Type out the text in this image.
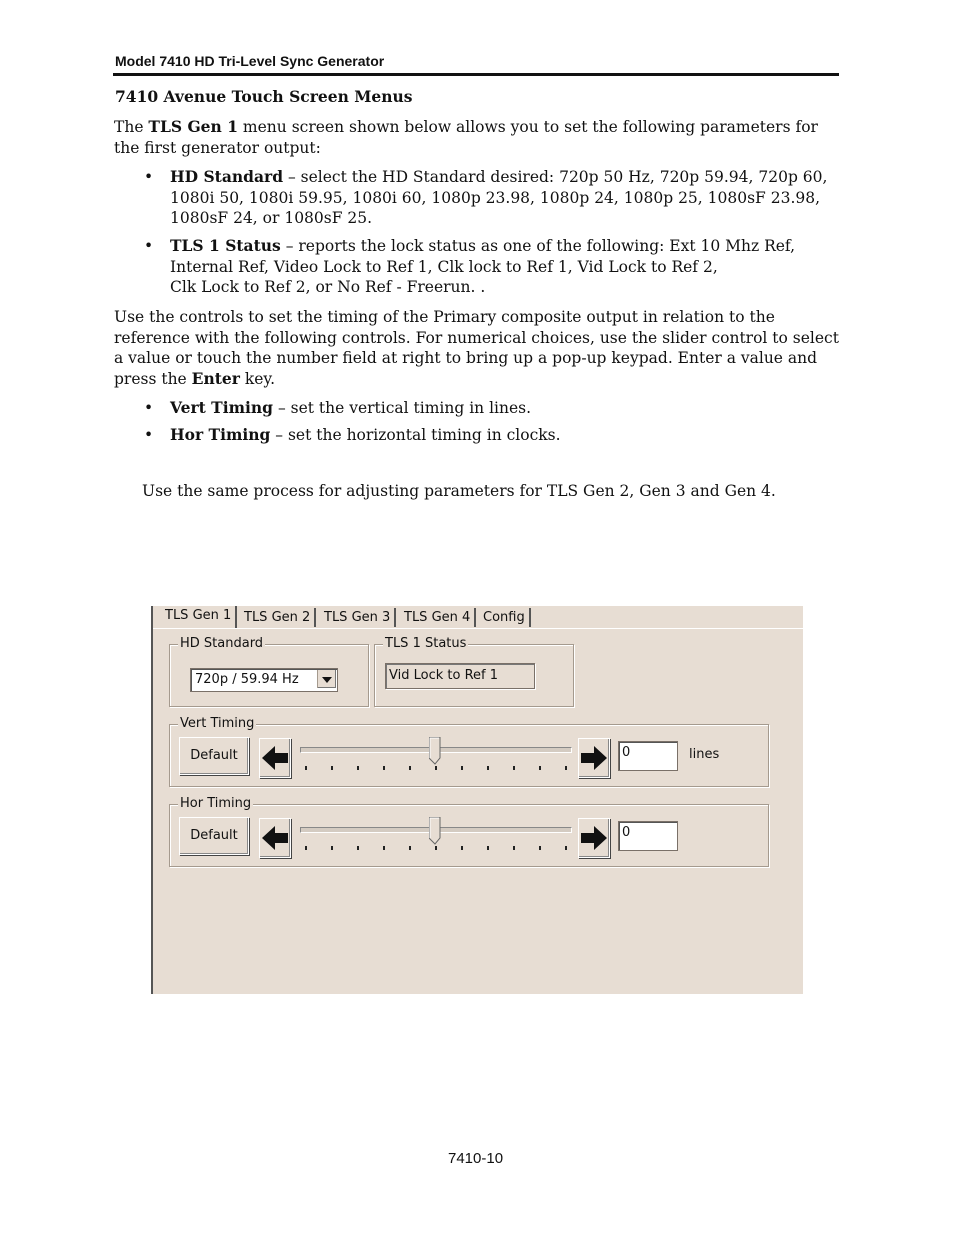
Model 7410 HD Tri-Level Sync Generator
7410 Avenue Touch Screen Menus
The TLS Gen 1 menu screen shown below allows you to set the following parameters for the first generator output:
• HD Standard – select the HD Standard desired: 720p 50 Hz, 720p 59.94, 720p 60, 1080i 50, 1080i 59.95, 1080i 60, 1080p 23.98, 1080p 24, 1080p 25, 1080sF 23.98, 1080sF 24, or 1080sF 25.
• TLS 1 Status – reports the lock status as one of the following: Ext 10 Mhz Ref, Internal Ref, Video Lock to Ref 1, Clk lock to Ref 1, Vid Lock to Ref 2,
Clk Lock to Ref 2, or No Ref - Freerun. .
Use the controls to set the timing of the Primary composite output in relation to the reference with the following controls. For numerical choices, use the slider control to select a value or touch the number field at right to bring up a pop-up keypad. Enter a value and press the Enter key.
• Vert Timing – set the vertical timing in lines.
• Hor Timing – set the horizontal timing in clocks.
Use the same process for adjusting parameters for TLS Gen 2, Gen 3 and Gen 4.
TLS Gen 1 TLS Gen 2	TLS Gen 3	TLS Gen 4 Config
HD Standard
720p / 59.94 Hz
TLS 1 Status
Vid Lock to Ref 1
Vert Timing
Default	0	lines
Hor Timing
Default	0
7410-10
